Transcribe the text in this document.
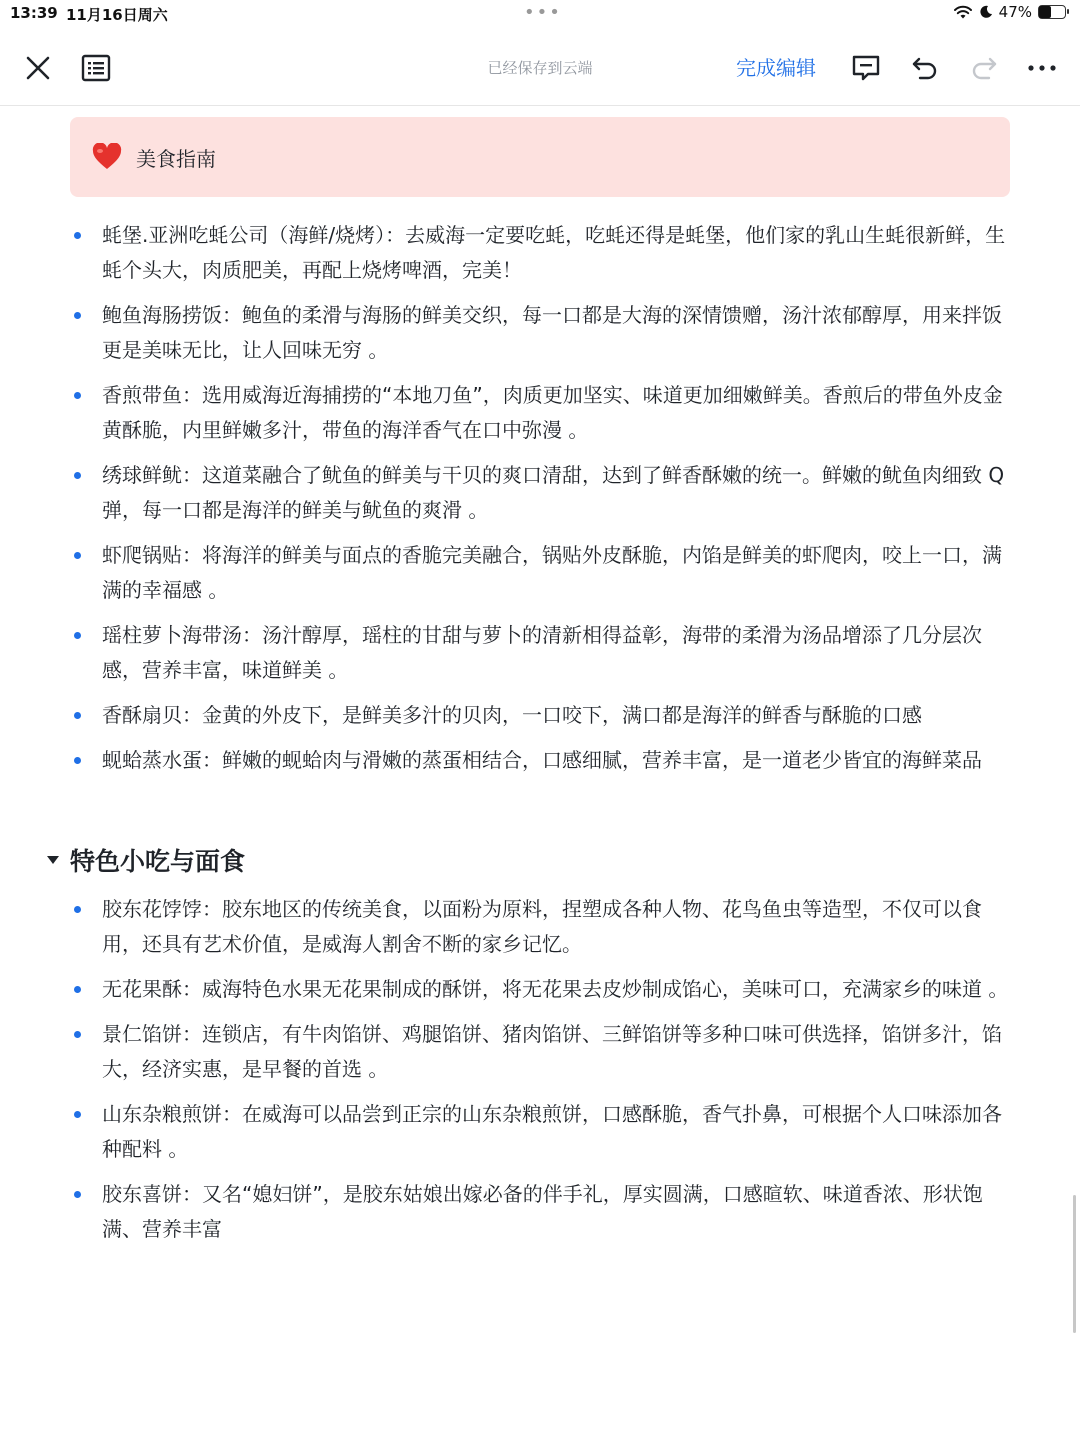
13:39 11月16日周六	•••	47%
已经保存到云端	完成编辑
美食指南
蚝堡.亚洲吃蚝公司（海鲜/烧烤）：去威海一定要吃蚝，吃蚝还得是蚝堡，他们家的乳山生蚝很新鲜，生蚝个头大，肉质肥美，再配上烧烤啤酒，完美！
鲍鱼海肠捞饭：鲍鱼的柔滑与海肠的鲜美交织，每一口都是大海的深情馈赠，汤汁浓郁醇厚，用来拌饭更是美味无比，让人回味无穷 。
香煎带鱼：选用威海近海捕捞的“本地刀鱼”，肉质更加坚实、味道更加细嫩鲜美。香煎后的带鱼外皮金黄酥脆，内里鲜嫩多汁，带鱼的海洋香气在口中弥漫 。
绣球鲜鱿：这道菜融合了鱿鱼的鲜美与干贝的爽口清甜，达到了鲜香酥嫩的统一。鲜嫩的鱿鱼肉细致 Q 弹，每一口都是海洋的鲜美与鱿鱼的爽滑 。
虾爬锅贴：将海洋的鲜美与面点的香脆完美融合，锅贴外皮酥脆，内馅是鲜美的虾爬肉，咬上一口，满满的幸福感 。
瑶柱萝卜海带汤：汤汁醇厚，瑶柱的甘甜与萝卜的清新相得益彰，海带的柔滑为汤品增添了几分层次感，营养丰富，味道鲜美 。
香酥扇贝：金黄的外皮下，是鲜美多汁的贝肉，一口咬下，满口都是海洋的鲜香与酥脆的口感
蚬蛤蒸水蛋：鲜嫩的蚬蛤肉与滑嫩的蒸蛋相结合，口感细腻，营养丰富，是一道老少皆宜的海鲜菜品
特色小吃与面食
胶东花饽饽：胶东地区的传统美食，以面粉为原料，捏塑成各种人物、花鸟鱼虫等造型，不仅可以食用，还具有艺术价值，是威海人割舍不断的家乡记忆。
无花果酥：威海特色水果无花果制成的酥饼，将无花果去皮炒制成馅心，美味可口，充满家乡的味道 。
景仁馅饼：连锁店，有牛肉馅饼、鸡腿馅饼、猪肉馅饼、三鲜馅饼等多种口味可供选择，馅饼多汁，馅大，经济实惠，是早餐的首选 。
山东杂粮煎饼：在威海可以品尝到正宗的山东杂粮煎饼，口感酥脆，香气扑鼻，可根据个人口味添加各种配料 。
胶东喜饼：又名“媳妇饼”，是胶东姑娘出嫁必备的伴手礼，厚实圆满，口感暄软、味道香浓、形状饱满、营养丰富
